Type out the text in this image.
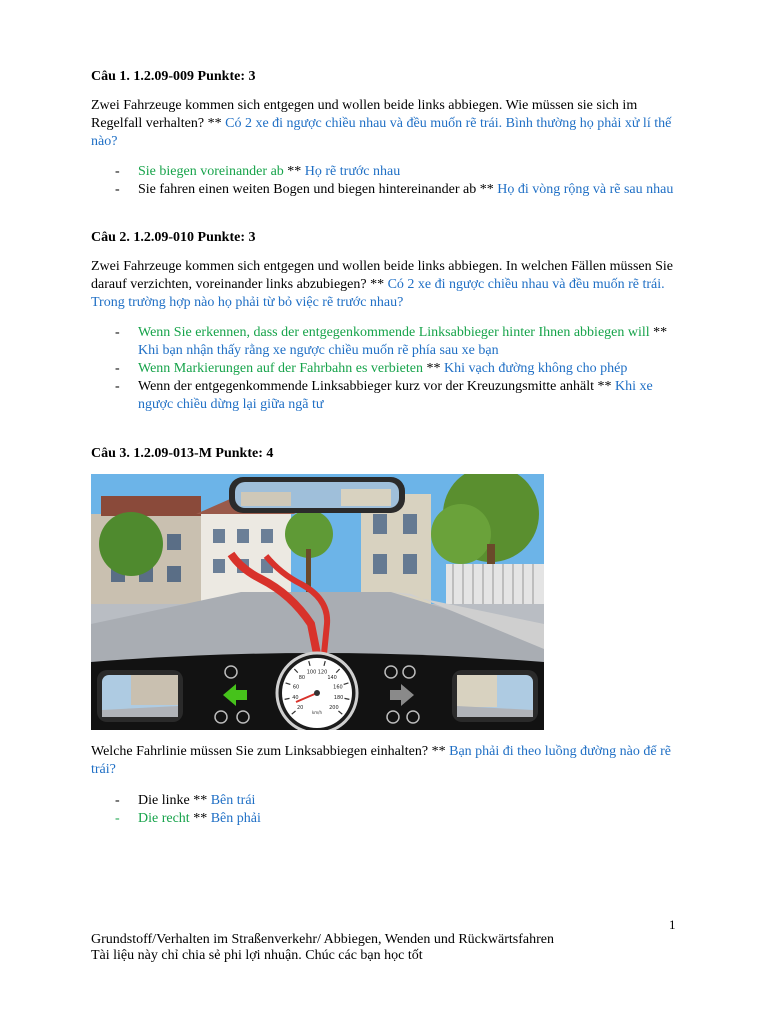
Câu 1. 1.2.09-009 Punkte: 3
Zwei Fahrzeuge kommen sich entgegen und wollen beide links abbiegen. Wie müssen sie sich im Regelfall verhalten? ** Có 2 xe đi ngược chiều nhau và đều muốn rẽ trái. Bình thường họ phải xử lí thế nào?
- Sie biegen voreinander ab ** Họ rẽ trước nhau
- Sie fahren einen weiten Bogen und biegen hintereinander ab ** Họ đi vòng rộng và rẽ sau nhau
Câu 2. 1.2.09-010 Punkte: 3
Zwei Fahrzeuge kommen sich entgegen und wollen beide links abbiegen. In welchen Fällen müssen Sie darauf verzichten, voreinander links abzubiegen? ** Có 2 xe đi ngược chiều nhau và đều muốn rẽ trái. Trong trường hợp nào họ phải từ bỏ việc rẽ trước nhau?
- Wenn Sie erkennen, dass der entgegenkommende Linksabbieger hinter Ihnen abbiegen will ** Khi bạn nhận thấy rằng xe ngược chiều muốn rẽ phía sau xe bạn
- Wenn Markierungen auf der Fahrbahn es verbieten ** Khi vạch đường không cho phép
- Wenn der entgegenkommende Linksabbieger kurz vor der Kreuzungsmitte anhält ** Khi xe ngược chiều dừng lại giữa ngã tư
Câu 3. 1.2.09-013-M Punkte: 4
20
40
60
80
100 120
140
160
180
200
km/h
Welche Fahrlinie müssen Sie zum Linksabbiegen einhalten? ** Bạn phải đi theo luồng đường nào để rẽ trái?
- Die linke ** Bên trái
- Die recht ** Bên phải
1
Grundstoff/Verhalten im Straßenverkehr/ Abbiegen, Wenden und Rückwärtsfahren
Tài liệu này chỉ chia sẻ phi lợi nhuận. Chúc các bạn học tốt
